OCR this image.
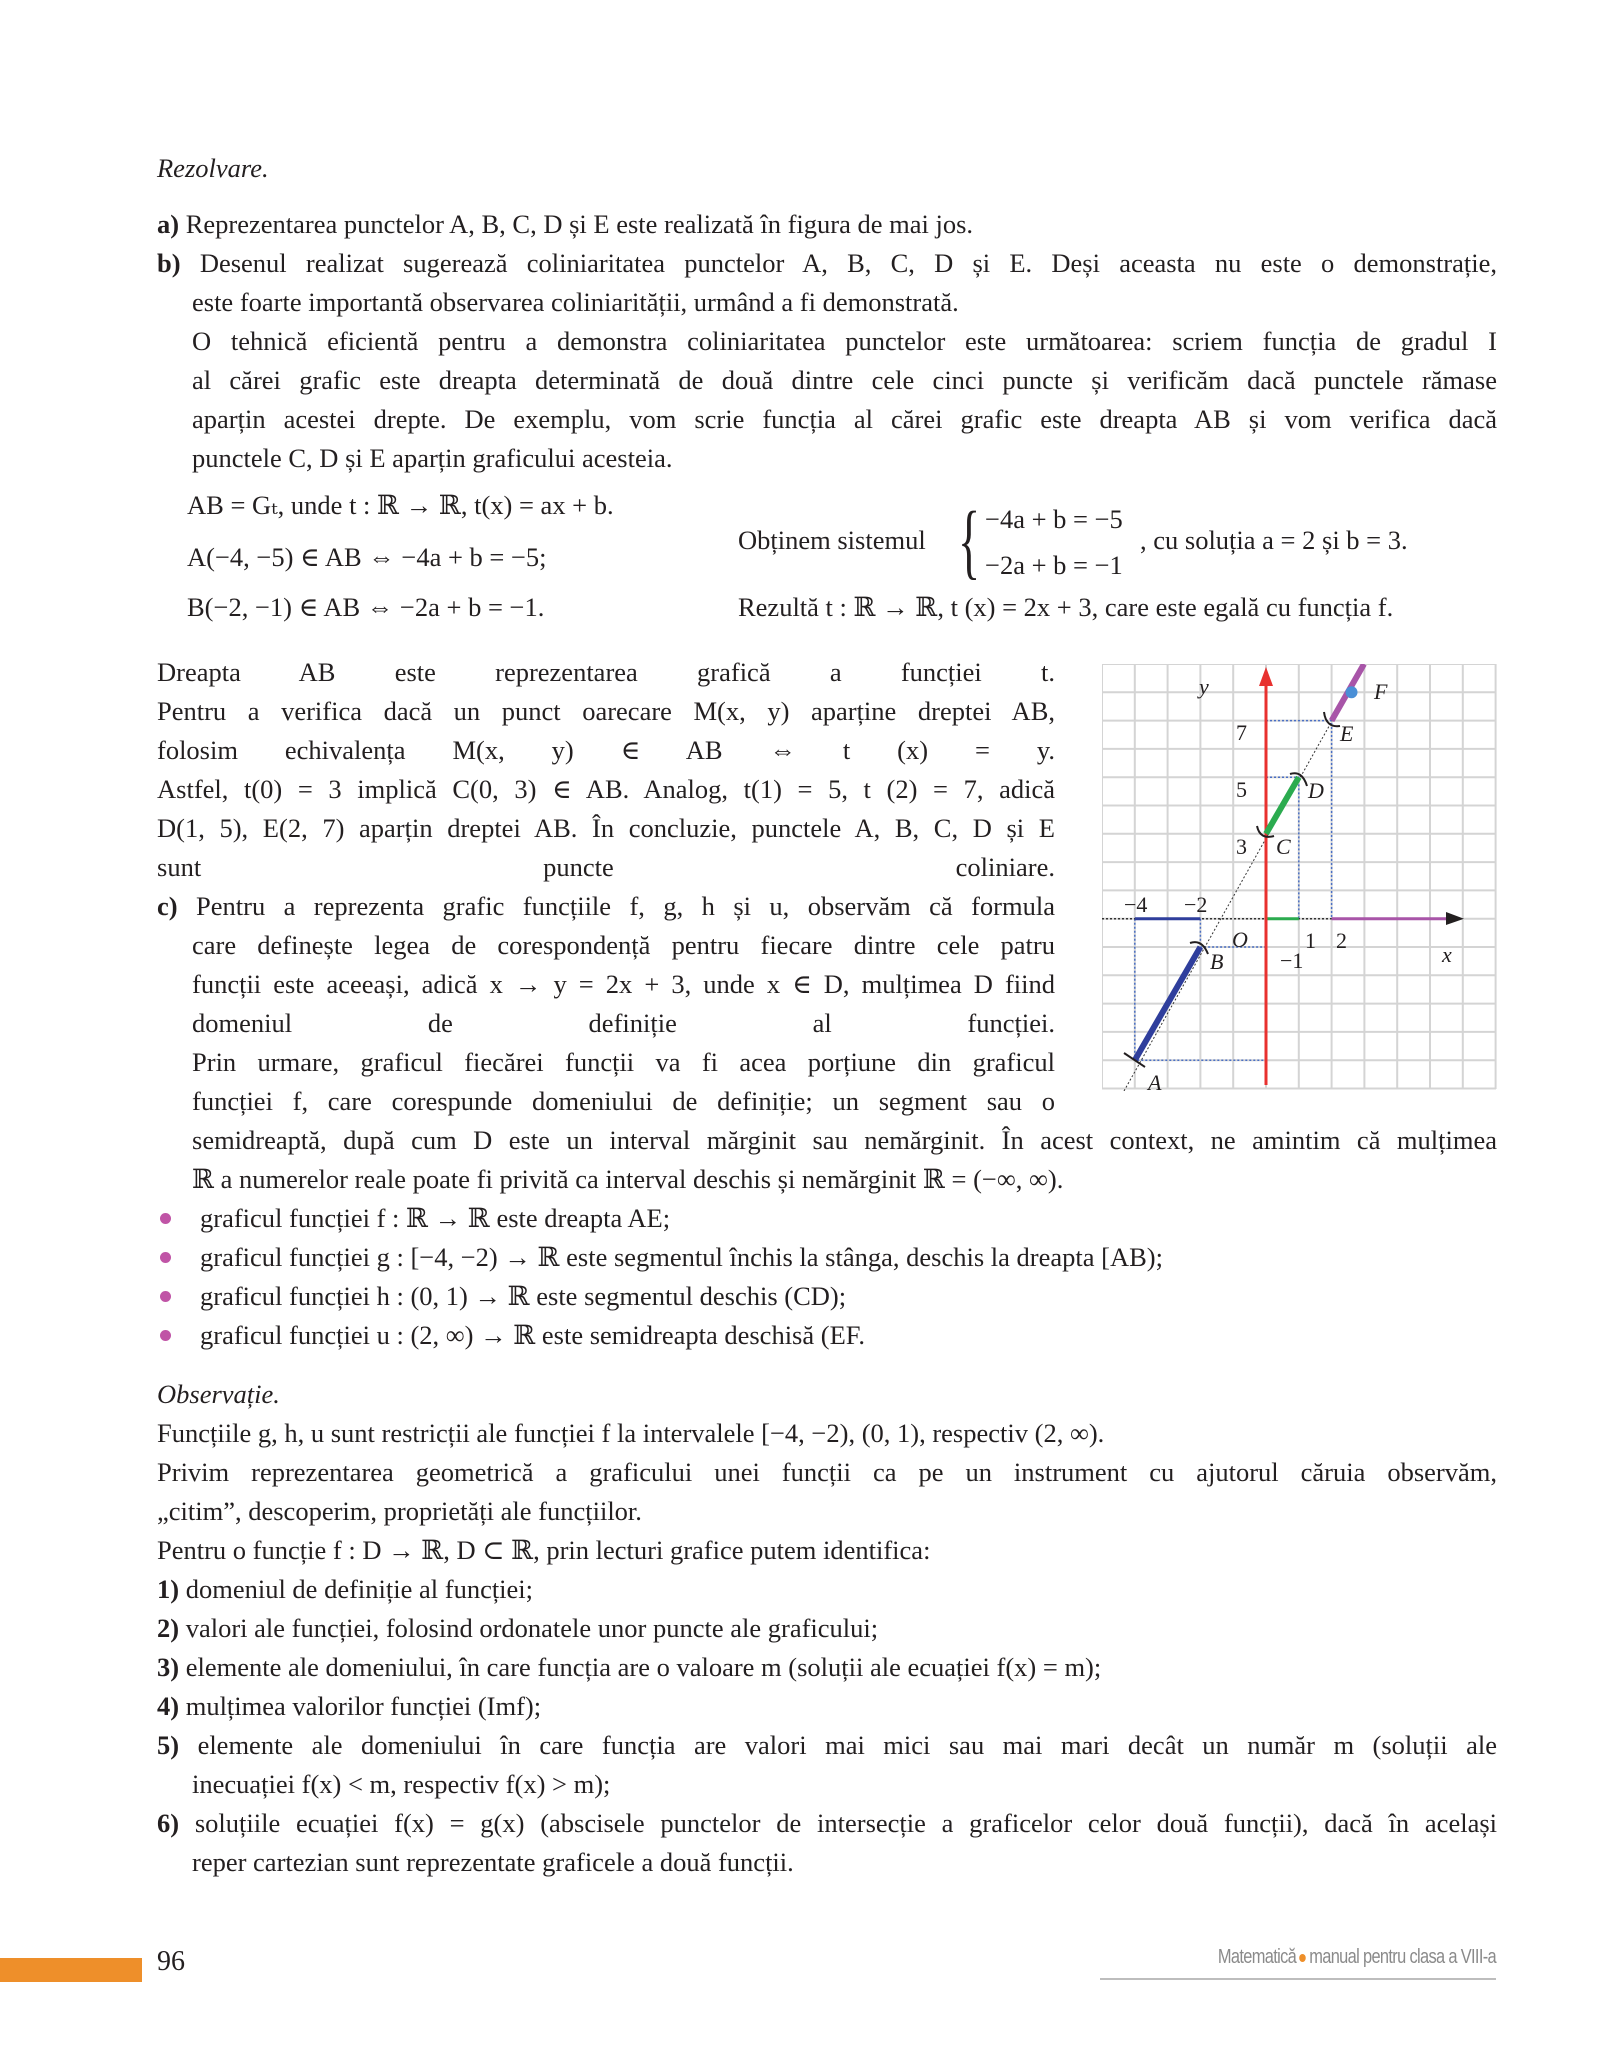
Rezolvare.
a) Reprezentarea punctelor A, B, C, D și E este realizată în figura de mai jos.
b) Desenul realizat sugerează coliniaritatea punctelor A, B, C, D și E. Deși aceasta nu este o demonstrație,
este foarte importantă observarea coliniarității, urmând a fi demonstrată.
O tehnică eficientă pentru a demonstra coliniaritatea punctelor este următoarea: scriem funcția de gradul I
al cărei grafic este dreapta determinată de două dintre cele cinci puncte și verificăm dacă punctele rămase
aparțin acestei drepte. De exemplu, vom scrie funcția al cărei grafic este dreapta AB și vom verifica dacă
punctele C, D și E aparțin graficului acesteia.
AB = Gₜ, unde t : ℝ → ℝ, t(x) = ax + b.
A(−4, −5) ∈ AB ⇔ −4a + b = −5;
B(−2, −1) ∈ AB ⇔ −2a + b = −1.
Obținem sistemul { −4a + b = −5
−2a + b = −1
, cu soluția a = 2 și b = 3.
Rezultă t : ℝ → ℝ, t (x) = 2x + 3, care este egală cu funcția f.
Dreapta AB este reprezentarea grafică a funcției t.
Pentru a verifica dacă un punct oarecare M(x, y) aparține dreptei AB,
folosim echivalența M(x, y) ∈ AB ⇔ t (x) = y.
Astfel, t(0) = 3 implică C(0, 3) ∈ AB. Analog, t(1) = 5, t (2) = 7, adică
D(1, 5), E(2, 7) aparțin dreptei AB. În concluzie, punctele A, B, C, D și E
sunt puncte coliniare.
c) Pentru a reprezenta grafic funcțiile f, g, h și u, observăm că formula
care definește legea de corespondență pentru fiecare dintre cele patru
funcții este aceeași, adică x → y = 2x + 3, unde x ∈ D, mulțimea D fiind
domeniul de definiție al funcției.
Prin urmare, graficul fiecărei funcții va fi acea porțiune din graficul
funcției f, care corespunde domeniului de definiție; un segment sau o
semidreaptă, după cum D este un interval mărginit sau nemărginit. În acest context, ne amintim că mulțimea
ℝ a numerelor reale poate fi privită ca interval deschis și nemărginit ℝ = (−∞, ∞).
graficul funcției f : ℝ → ℝ este dreapta AE;
graficul funcției g : [−4, −2) → ℝ este segmentul închis la stânga, deschis la dreapta [AB);
graficul funcției h : (0, 1) → ℝ este segmentul deschis (CD);
graficul funcției u : (2, ∞) → ℝ este semidreapta deschisă (EF.
Observație.
Funcțiile g, h, u sunt restricții ale funcției f la intervalele [−4, −2), (0, 1), respectiv (2, ∞).
Privim reprezentarea geometrică a graficului unei funcții ca pe un instrument cu ajutorul căruia observăm,
„citim”, descoperim, proprietăți ale funcțiilor.
Pentru o funcție f : D → ℝ, D ⊂ ℝ, prin lecturi grafice putem identifica:
1) domeniul de definiție al funcției;
2) valori ale funcției, folosind ordonatele unor puncte ale graficului;
3) elemente ale domeniului, în care funcția are o valoare m (soluții ale ecuației f(x) = m);
4) mulțimea valorilor funcției (Imf);
5) elemente ale domeniului în care funcția are valori mai mici sau mai mari decât un număr m (soluții ale
inecuației f(x) < m, respectiv f(x) > m);
6) soluțiile ecuației f(x) = g(x) (abscisele punctelor de intersecție a graficelor celor două funcții), dacă în același
reper cartezian sunt reprezentate graficele a două funcții.
y
x
O
−4 −2
1 2
7
5
3
−1
A
B
C
D
E
F
96	Matematică manual pentru clasa a VIII-a
